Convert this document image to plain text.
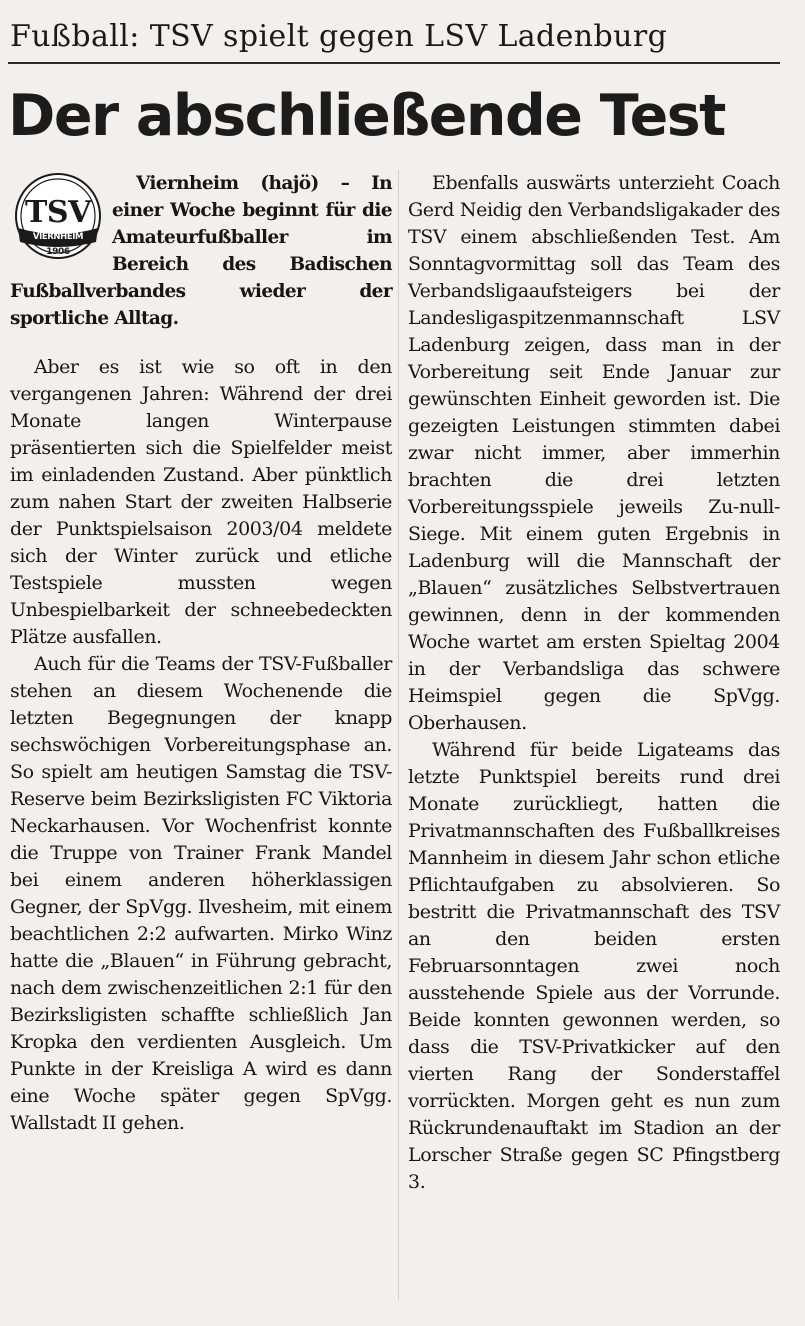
Fußball: TSV spielt gegen LSV Ladenburg
Der abschließende Test
TSV
VIERNHEIM
1906

Viernheim (hajö) – In einer Woche beginnt für die Amateurfußballer im Bereich des Badischen Fußballverbandes wieder der sportliche Alltag.

Aber es ist wie so oft in den vergangenen Jahren: Während der drei Monate langen Winterpause präsentierten sich die Spielfelder meist im einladenden Zustand. Aber pünktlich zum nahen Start der zweiten Halbserie der Punktspielsaison 2003/04 meldete sich der Winter zurück und etliche Testspiele mussten wegen Unbespielbarkeit der schneebedeckten Plätze ausfallen.

Auch für die Teams der TSV-Fußballer stehen an diesem Wochenende die letzten Begegnungen der knapp sechswöchigen Vorbereitungsphase an. So spielt am heutigen Samstag die TSV-Reserve beim Bezirksligisten FC Viktoria Neckarhausen. Vor Wochenfrist konnte die Truppe von Trainer Frank Mandel bei einem anderen höherklassigen Gegner, der SpVgg. Ilvesheim, mit einem beachtlichen 2:2 aufwarten. Mirko Winz hatte die „Blauen“ in Führung gebracht, nach dem zwischenzeitlichen 2:1 für den Bezirksligisten schaffte schließlich Jan Kropka den verdienten Ausgleich. Um Punkte in der Kreisliga A wird es dann eine Woche später gegen SpVgg. Wallstadt II gehen.

Ebenfalls auswärts unterzieht Coach Gerd Neidig den Verbandsligakader des TSV einem abschließenden Test. Am Sonntagvormittag soll das Team des Verbandsligaaufsteigers bei der Landesligaspitzenmannschaft LSV Ladenburg zeigen, dass man in der Vorbereitung seit Ende Januar zur gewünschten Einheit geworden ist. Die gezeigten Leistungen stimmten dabei zwar nicht immer, aber immerhin brachten die drei letzten Vorbereitungsspiele jeweils Zu-null-Siege. Mit einem guten Ergebnis in Ladenburg will die Mannschaft der „Blauen“ zusätzliches Selbstvertrauen gewinnen, denn in der kommenden Woche wartet am ersten Spieltag 2004 in der Verbandsliga das schwere Heimspiel gegen die SpVgg. Oberhausen.

Während für beide Ligateams das letzte Punktspiel bereits rund drei Monate zurückliegt, hatten die Privatmannschaften des Fußballkreises Mannheim in diesem Jahr schon etliche Pflichtaufgaben zu absolvieren. So bestritt die Privatmannschaft des TSV an den beiden ersten Februarsonntagen zwei noch ausstehende Spiele aus der Vorrunde. Beide konnten gewonnen werden, so dass die TSV-Privatkicker auf den vierten Rang der Sonderstaffel vorrückten. Morgen geht es nun zum Rückrundenauftakt im Stadion an der Lorscher Straße gegen SC Pfingstberg 3.
